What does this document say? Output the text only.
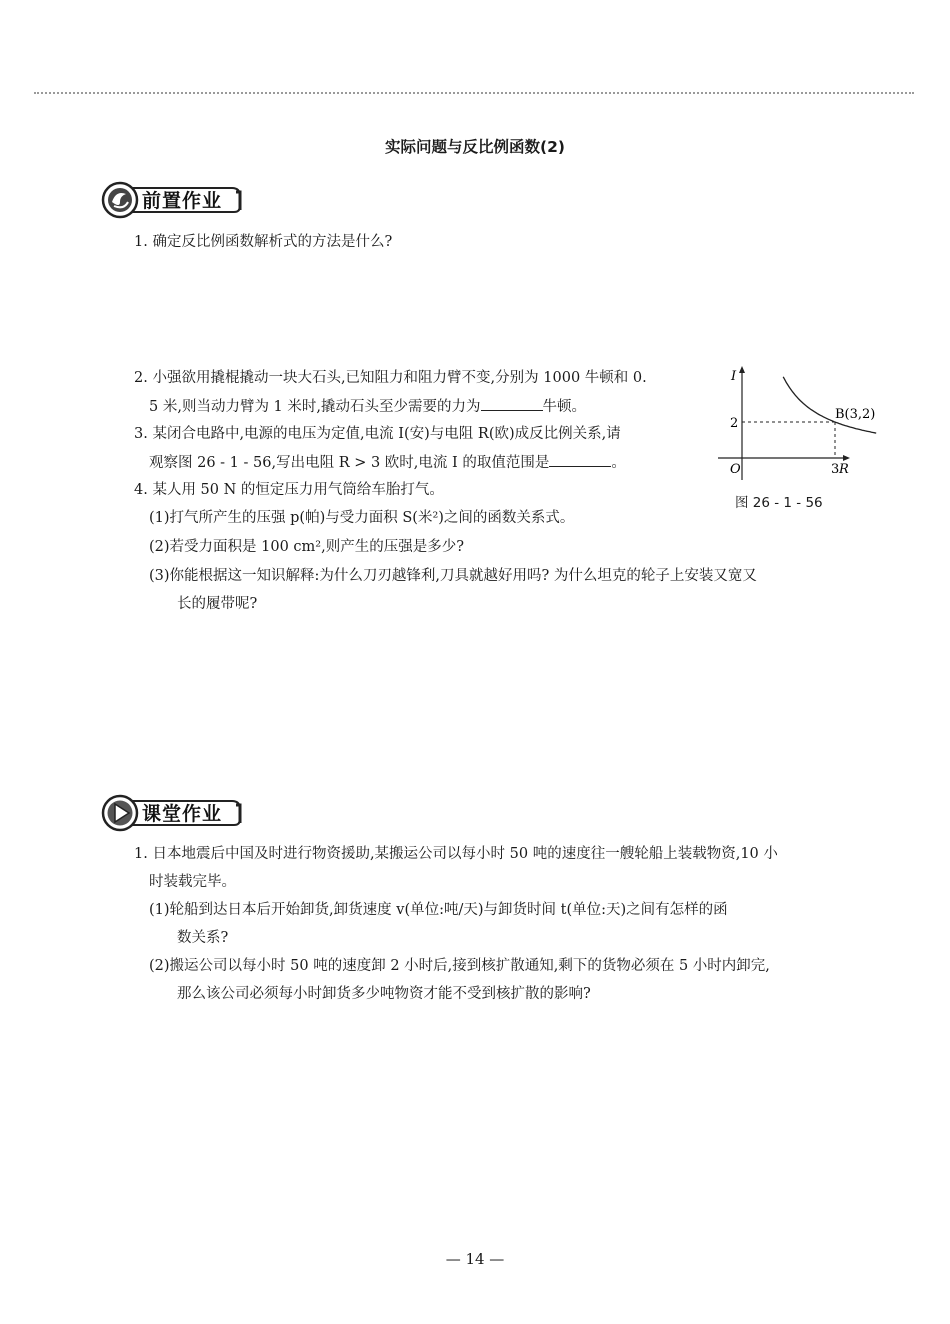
实际问题与反比例函数(2)
前置作业
1. 确定反比例函数解析式的方法是什么?
2. 小强欲用撬棍撬动一块大石头,已知阻力和阻力臂不变,分别为 1000 牛顿和 0.
5 米,则当动力臂为 1 米时,撬动石头至少需要的力为	牛顿。
3. 某闭合电路中,电源的电压为定值,电流 I(安)与电阻 R(欧)成反比例关系,请
观察图 26 - 1 - 56,写出电阻 R > 3 欧时,电流 I 的取值范围是	。
4. 某人用 50 N 的恒定压力用气筒给车胎打气。
(1)打气所产生的压强 p(帕)与受力面积 S(米²)之间的函数关系式。
(2)若受力面积是 100 cm²,则产生的压强是多少?
(3)你能根据这一知识解释:为什么刀刃越锋利,刀具就越好用吗? 为什么坦克的轮子上安装又宽又
长的履带呢?
I
R
O
2
3
B(3,2)
图 26 - 1 - 56
课堂作业
1. 日本地震后中国及时进行物资援助,某搬运公司以每小时 50 吨的速度往一艘轮船上装载物资,10 小
时装载完毕。
(1)轮船到达日本后开始卸货,卸货速度 v(单位:吨/天)与卸货时间 t(单位:天)之间有怎样的函
数关系?
(2)搬运公司以每小时 50 吨的速度卸 2 小时后,接到核扩散通知,剩下的货物必须在 5 小时内卸完,
那么该公司必须每小时卸货多少吨物资才能不受到核扩散的影响?
— 14 —
